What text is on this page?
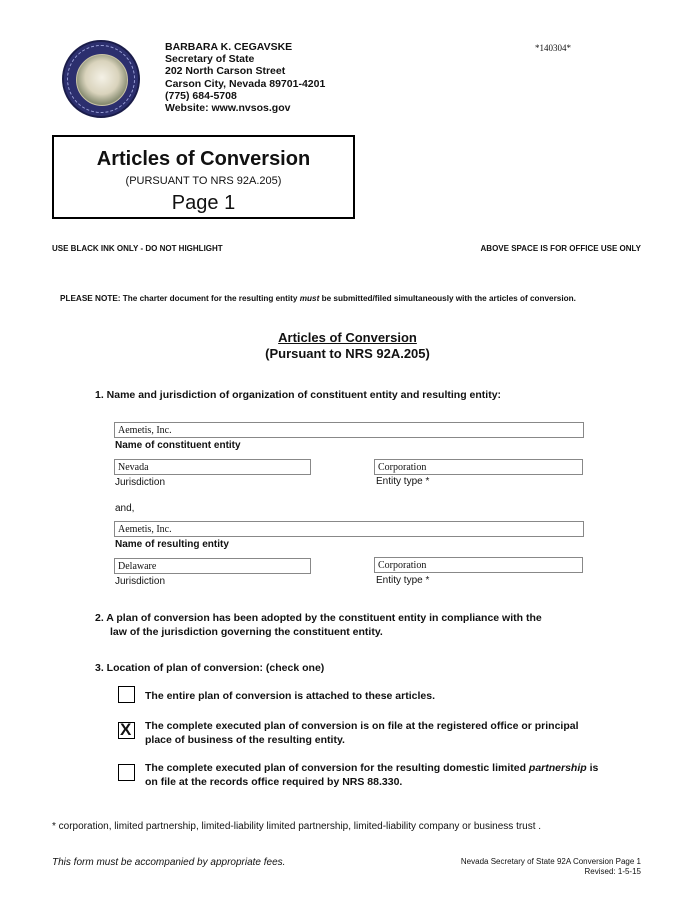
BARBARA K. CEGAVSKE
Secretary of State
202 North Carson Street
Carson City, Nevada 89701-4201
(775) 684-5708
Website: www.nvsos.gov
*140304*
Articles of Conversion
(PURSUANT TO NRS 92A.205)
Page 1
USE BLACK INK ONLY - DO NOT HIGHLIGHT	ABOVE SPACE IS FOR OFFICE USE ONLY
PLEASE NOTE: The charter document for the resulting entity must be submitted/filed simultaneously with the articles of conversion.
Articles of Conversion
(Pursuant to NRS 92A.205)
1. Name and jurisdiction of organization of constituent entity and resulting entity:
Aemetis, Inc.
Name of constituent entity
Nevada
Jurisdiction
Corporation
Entity type *
and,
Aemetis, Inc.
Name of resulting entity
Delaware
Jurisdiction
Corporation
Entity type *
2. A plan of conversion has been adopted by the constituent entity in compliance with the
law of the jurisdiction governing the constituent entity.
3. Location of plan of conversion: (check one)
The entire plan of conversion is attached to these articles.
X The complete executed plan of conversion is on file at the registered office or principal
place of business of the resulting entity.
The complete executed plan of conversion for the resulting domestic limited partnership is
on file at the records office required by NRS 88.330.
* corporation, limited partnership, limited-liability limited partnership, limited-liability company or business trust .
This form must be accompanied by appropriate fees.	Nevada Secretary of State 92A Conversion Page 1
Revised: 1-5-15
